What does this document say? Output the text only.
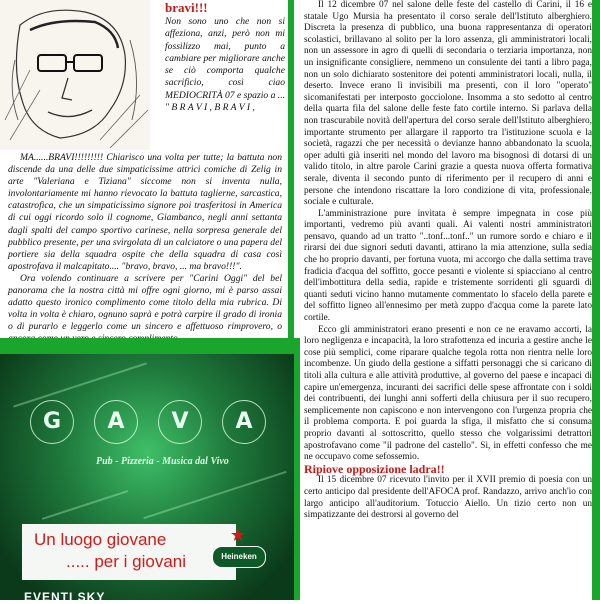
bravi!!!
Non sono uno che non si affeziona, anzi, però non mi fossilizzo mai, punto a cambiare per migliorare anche se ciò comporta qualche sacrificio, così ciao MEDIOCRITÀ 07 e spazio a ... " B R A V I , B R A V I ,

MA......BRAVI!!!!!!!!! Chiarisco una volta per tutte; la battuta non discende da una delle due simpaticissime attrici comiche di Zelig in arte "Valeriana e Tiziana" siccome non si inventa nulla, involontariamente mi hanno rievocato la battuta taglierne, sarcastica, catastrofica, che un simpaticissimo signore poi trasferitosi in America di cui oggi ricordo solo il cognome, Giambanco, negli anni settanta dagli spalti del campo sportivo carinese, nella sorpresa generale del pubblico presente, per una svirgolata di un calciatore o una papera del portiere sia della squadra ospite che della squadra di casa così apostrofava il malcapitato.... "bravo, bravo, ... ma bravo!!!".

Ora volendo continuare a scrivere per "Carini Oggi" del bel panorama che la nostra città mi offre ogni giorno, mi è parso assai adatto questo ironico complimento come titolo della mia rubrica. Di volta in volta è chiaro, ognuno saprà e potrà carpire il grado di ironia o di purarlo e leggerlo come un sincero e affettuoso rimprovero, o

G	A	V	A
Pub - Pizzeria - Musica dal Vivo
Un luogo giovane
..... per i giovani
★
Heineken
EVENTI SKY

Il 12 dicembre 07 nel salone delle feste del castello di Carini, il 16 e statale Ugo Mursia ha presentato il corso serale dell'Istituto alberghiero. Discreta la presenza di pubblico, una buona rappresentanza di operatori scolastici, brillavano al solito per la loro assenza, gli amministratori locali, non un assessore in agro di quelli di secondaria o terziaria importanza, non un insignificante consigliere, nemmeno un consulente dei tanti a libro paga, non un solo dichiarato sostenitore dei potenti amministratori locali, nulla, il deserto. Invece erano lì invisibili ma presenti, con il loro "operato" sicomanifestati per interposto gocciolone. Insomma a sto sedotto al centro della quarta fila del salone delle feste fato cortile interno. Si parlava della non trascurabile novità dell'apertura del corso serale dell'Istituto alberghiero, importante strumento per allargare il rapporto tra l'istituzione scuola e la società, ragazzi che per necessità o devianze hanno abbandonato la scuola, oper adulti già inseriti nel mondo del lavoro ma bisognosi di dotarsi di un valido titolo, in altre parole Carini grazie a questa nuova offerta formativa serale, diventa il secondo punto di riferimento per il recupero di anni e persone che intendono riscattare la loro condizione di vita, professionale, sociale e culturale.

L'amministrazione pure invitata è sempre impegnata in cose più importanti, vedremo più avanti quali. Ai valenti nostri amministratori pensavo, quando ad un tratto "..tonf...tonf.." un rumore sordo e chiaro e il rirarsi dei due signori seduti davanti, attirano la mia attenzione, sulla sedia che ho proprio davanti, per fortuna vuota, mi accorgo che dalla settima trave fradicia d'acqua del soffitto, gocce pesanti e violente si spiacciano al centro dell'imbottitura della sedia, rapide e tristemente sorridenti gli sguardi di quanti seduti vicino hanno mutamente commentato lo sfacelo della parete e del soffitto ligneo all'ennesimo per metà zuppo d'acqua come la parete lato cortile.

Ecco gli amministratori erano presenti e non ce ne eravamo accorti, la loro negligenza e incapacità, la loro strafottenza ed incuria a gestire anche le cose più semplici, come riparare qualche tegola rotta non rientra nelle loro incombenze. Un giudo della gestione a siffatti personaggi che si caricano di titoli alla cultura e alle attività produttive, al governo del paese e incapaci di capire un'emergenza, incuranti dei sacrifici delle spese affrontate con i soldi dei contribuenti, dei lunghi anni sofferti della chiusura per il suo recupero, semplicemente non capiscono e non intervengono con l'urgenza propria che il problema comporta. E poi guarda la sfiga, il misfatto che si consuma proprio davanti al sottoscritto, quello stesso che volgarissimi detrattori apostrofavano come "il padrone del castello". Sì, in effetti confesso che me ne occupavo come sefossemio.

Ripiove opposizione ladra!!

Il 15 dicembre 07 ricevuto l'invito per il XVII premio di poesia con un certo anticipo dal presidente dell'AFOCA prof. Randazzo, arrivo anch'io con largo anticipo all'auditorium. Totuccio Aiello. Un tizio certo non un simpatizzante dei destrorsi al governo del
